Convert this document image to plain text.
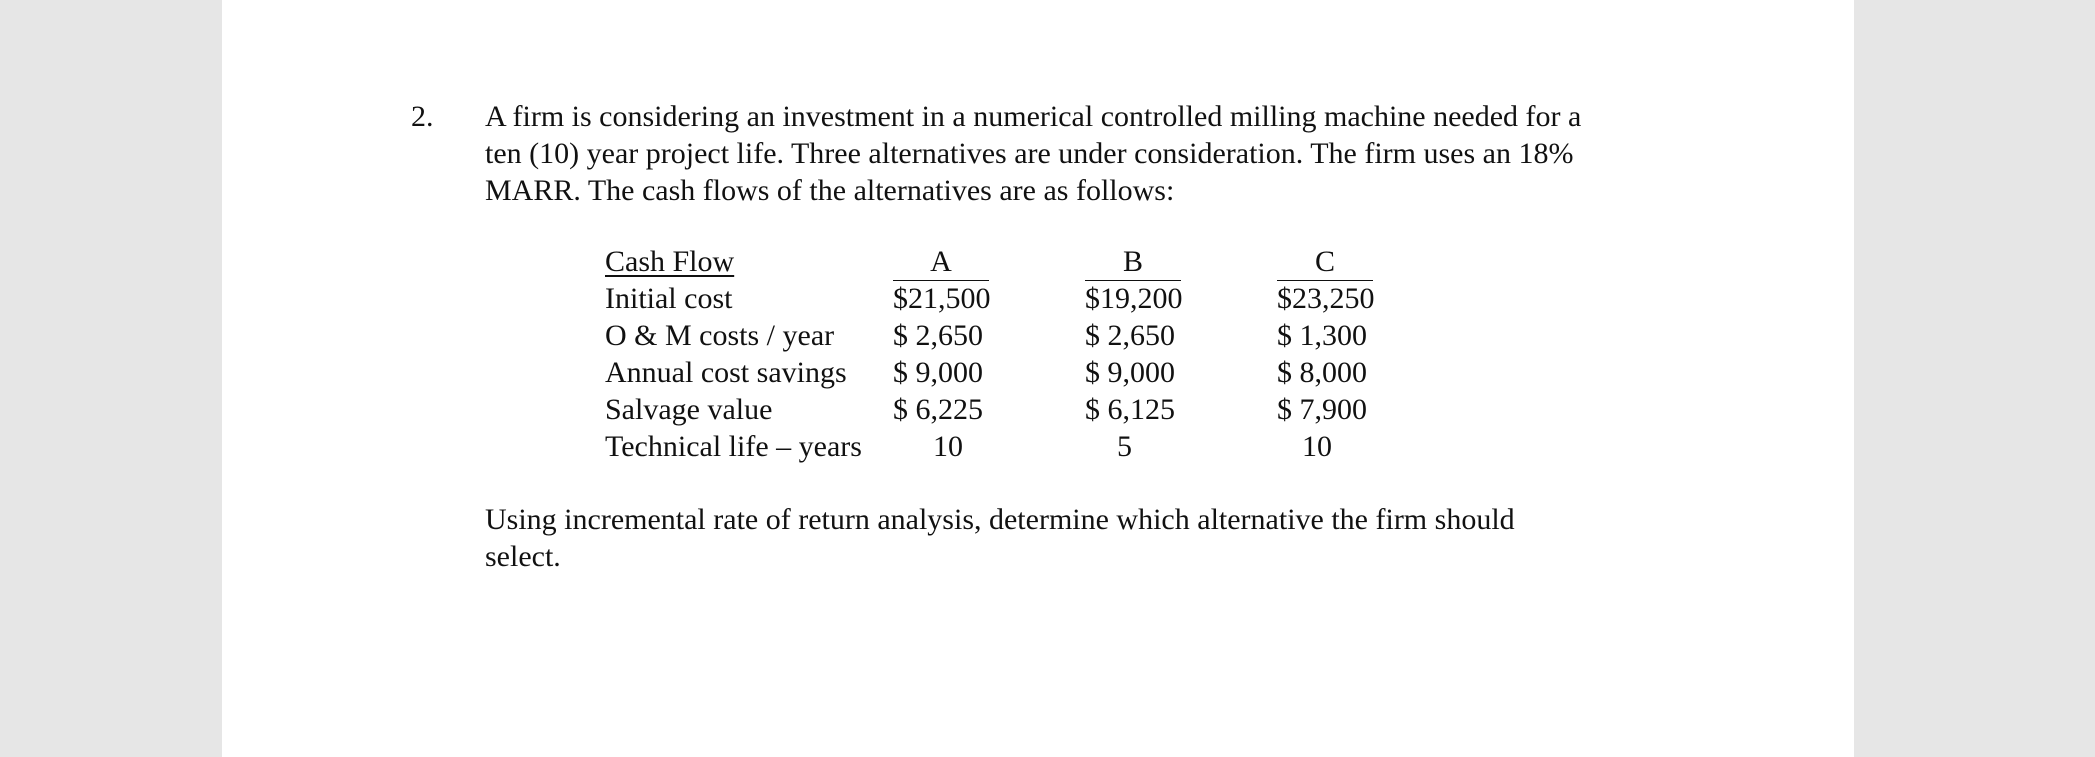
2. A firm is considering an investment in a numerical controlled milling machine needed for a
ten (10) year project life. Three alternatives are under consideration. The firm uses an 18%
MARR. The cash flows of the alternatives are as follows:
Cash Flow	A	B	C
Initial cost	$21,500	$19,200	$23,250
O & M costs / year $ 2,650	$ 2,650	$ 1,300
Annual cost savings $ 9,000	$ 9,000	$ 8,000
Salvage value	$ 6,225	$ 6,125	$ 7,900
Technical life – years 10	5	10
Using incremental rate of return analysis, determine which alternative the firm should
select.
